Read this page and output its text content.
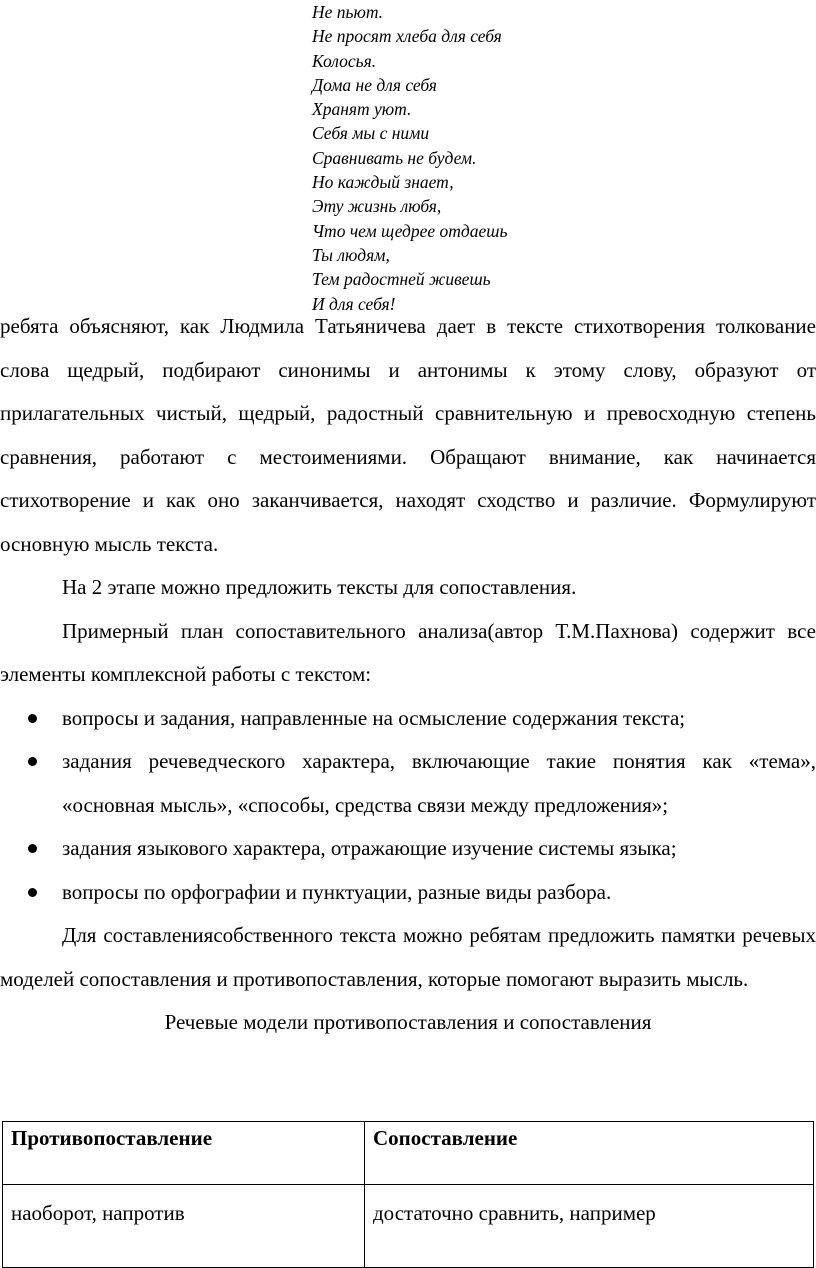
Не пьют.
Не просят хлеба для себя
Колосья.
Дома не для себя
Хранят уют.
Себя мы с ними
Сравнивать не будем.
Но каждый знает,
Эту жизнь любя,
Что чем щедрее отдаешь
Ты людям,
Тем радостней живешь
И для себя!

ребята объясняют, как Людмила Татьяничева дает в тексте стихотворения толкование слова щедрый, подбирают синонимы и антонимы к этому слову, образуют от прилагательных чистый, щедрый, радостный сравнительную и превосходную степень сравнения, работают с местоимениями. Обращают внимание, как начинается стихотворение и как оно заканчивается, находят сходство и различие. Формулируют основную мысль текста.

На 2 этапе можно предложить тексты для сопоставления.

Примерный план сопоставительного анализа(автор Т.М.Пахнова) содержит все элементы комплексной работы с текстом:

вопросы и задания, направленные на осмысление содержания текста;
задания речеведческого характера, включающие такие понятия как «тема», «основная мысль», «способы, средства связи между предложения»;
задания языкового характера, отражающие изучение системы языка;
вопросы по орфографии и пунктуации, разные виды разбора.

Для составлениясобственного текста можно ребятам предложить памятки речевых моделей сопоставления и противопоставления, которые помогают выразить мысль.

Речевые модели противопоставления и сопоставления

Противопоставление	Сопоставление
наоборот, напротив	достаточно сравнить, например
